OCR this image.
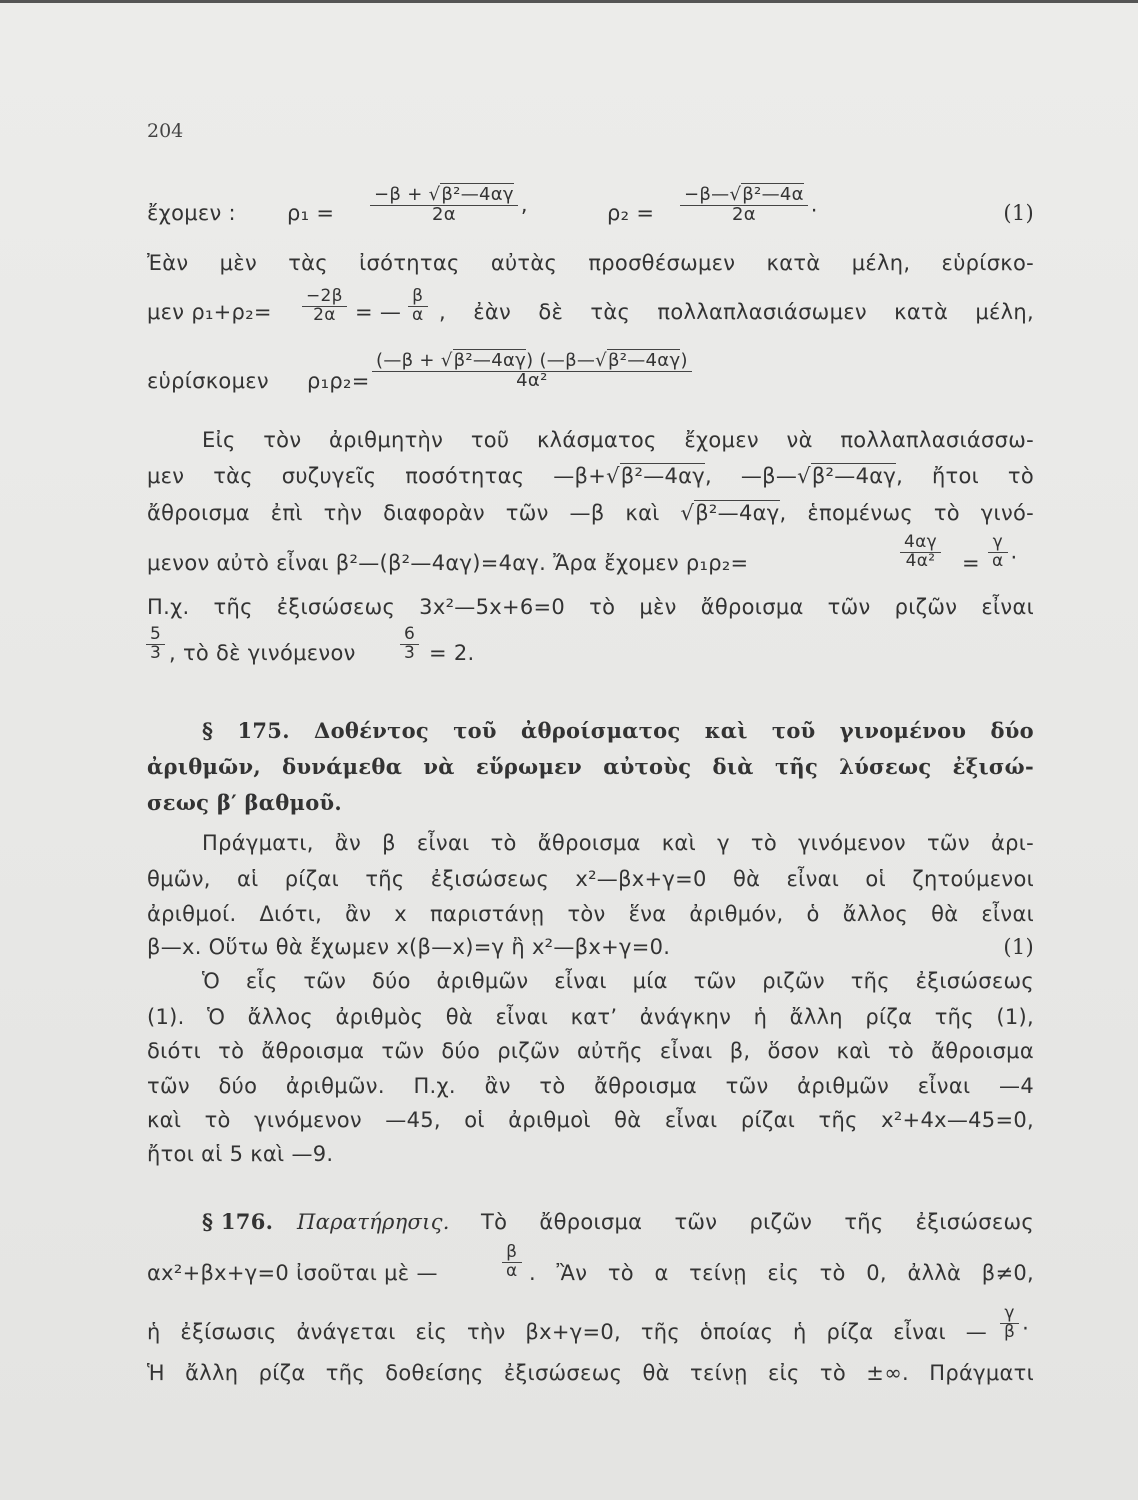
204
ἔχομεν : $\rho_1 = \frac{\text{−β + √β²—4αγ}}{2\alpha}$ ,	$\rho_2 = \frac{\text{−β—√β²—4α}}{2\alpha}$ .	(1)
Ἐὰν μὲν τὰς ἰσότητας αὐτὰς προσθέσωμεν κατὰ μέλη, εὑρίσκο-
μεν $\rho_1+\rho_2= \frac{-2\beta}{2\alpha}$ = — $\frac{\beta}{\alpha}$ , ἐὰν δὲ τὰς πολλαπλασιάσωμεν κατὰ μέλη,
εὑρίσκομεν $\rho_1\rho_2= \frac{\text{(—β + √β²—4αγ) (—β—√β²—4αγ)}}{\text{4α²}}$
Εἰς τὸν ἀριθμητὴν τοῦ κλάσματος ἔχομεν νὰ πολλαπλασιάσσω-
μεν τὰς συζυγεῖς ποσότητας —β+√β²—4αγ, —β—√β²—4αγ, ἤτοι τὸ
ἄθροισμα ἐπὶ τὴν διαφορὰν τῶν —β καὶ √β²—4αγ, ἑπομένως τὸ γινό-
μενον αὐτὸ εἶναι β²—(β²—4αγ)=4αγ. Ἄρα ἔχομεν ρ₁ρ₂=	$\frac{4\alpha\gamma}{\text{4α²}} = \frac{\gamma}{\alpha}$ .
Π.χ. τῆς ἐξισώσεως 3x²—5x+6=0 τὸ μὲν ἄθροισμα τῶν ριζῶν εἶναι
$\frac{5}{3}$ , τὸ δὲ γινόμενον	$\frac{6}{3} = 2$.
§ 175. Δοθέντος τοῦ ἀθροίσματος καὶ τοῦ γινομένου δύο
ἀριθμῶν, δυνάμεθα νὰ εὕρωμεν αὐτοὺς διὰ τῆς λύσεως ἐξισώ-
σεως β′ βαθμοῦ.
Πράγματι, ἂν β εἶναι τὸ ἄθροισμα καὶ γ τὸ γινόμενον τῶν ἀρι-
θμῶν, αἱ ρίζαι τῆς ἐξισώσεως x²—βx+γ=0 θὰ εἶναι οἱ ζητούμενοι
ἀριθμοί. Διότι, ἂν x παριστάνῃ τὸν ἕνα ἀριθμόν, ὁ ἄλλος θὰ εἶναι
β—x. Οὕτω θὰ ἔχωμεν x(β—x)=γ ἢ x²—βx+γ=0.	(1)
Ὁ εἷς τῶν δύο ἀριθμῶν εἶναι μία τῶν ριζῶν τῆς ἐξισώσεως
(1). Ὁ ἄλλος ἀριθμὸς θὰ εἶναι κατ’ ἀνάγκην ἡ ἄλλη ρίζα τῆς (1),
διότι τὸ ἄθροισμα τῶν δύο ριζῶν αὐτῆς εἶναι β, ὅσον καὶ τὸ ἄθροισμα
τῶν δύο ἀριθμῶν. Π.χ. ἂν τὸ ἄθροισμα τῶν ἀριθμῶν εἶναι —4
καὶ τὸ γινόμενον —45, οἱ ἀριθμοὶ θὰ εἶναι ρίζαι τῆς x²+4x—45=0,
ἤτοι αἱ 5 καὶ —9.
§ 176. Παρατήρησις. Τὸ ἄθροισμα τῶν ριζῶν τῆς ἐξισώσεως
αx²+βx+γ=0 ἰσοῦται μὲ —	$\frac{\beta}{\alpha}$ . Ἂν τὸ α τείνῃ εἰς τὸ 0, ἀλλὰ β≠0,
ἡ ἐξίσωσις ἀνάγεται εἰς τὴν βx+γ=0, τῆς ὁποίας ἡ ρίζα εἶναι — $\frac{\gamma}{\beta}$ .
Ἡ ἄλλη ρίζα τῆς δοθείσης ἐξισώσεως θὰ τείνῃ εἰς τὸ ±∞. Πράγματι
